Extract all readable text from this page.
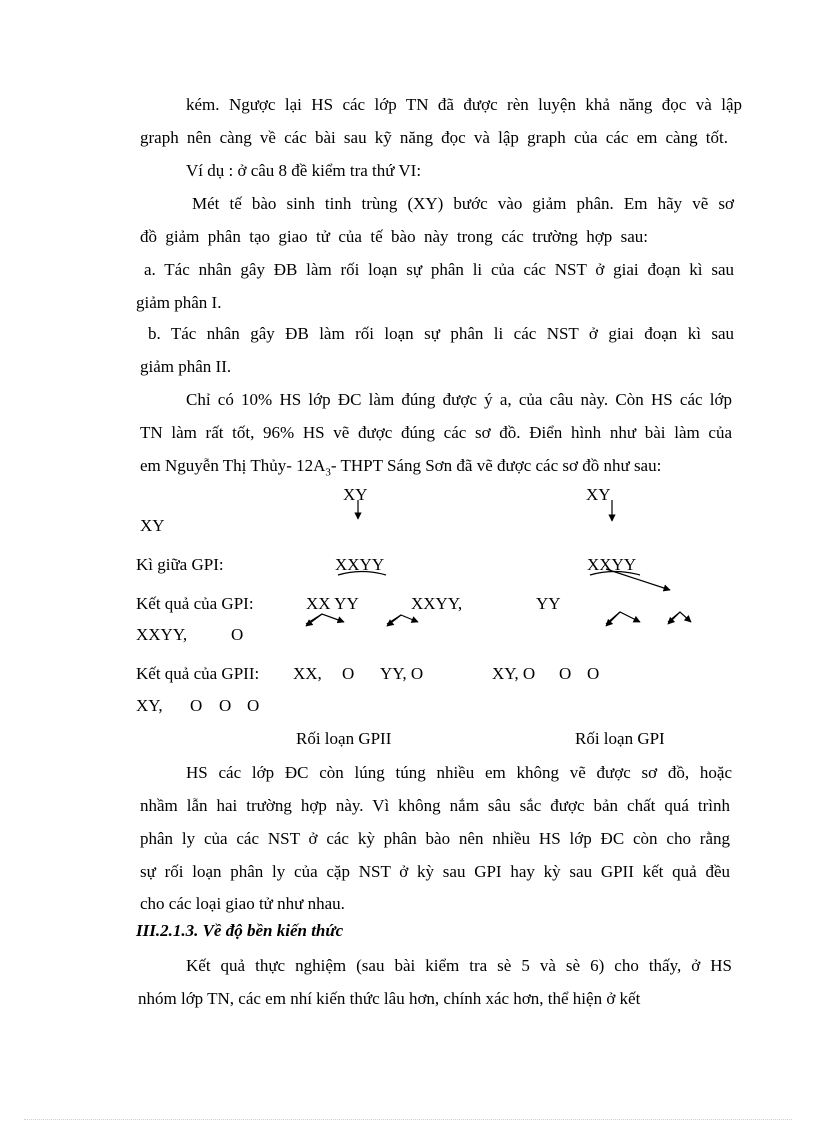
kém. Ngược lại HS các lớp TN đã được rèn luyện khả năng đọc và lập
graph nên càng về các bài sau kỹ năng đọc và lập graph của các em càng tốt.
Ví dụ : ở câu 8 đề kiểm tra thứ VI:
Mét tế bào sinh tinh trùng (XY) bước vào giảm phân. Em hãy vẽ sơ
đồ giảm phân tạo giao tử của tế bào này trong các trường hợp sau:
a. Tác nhân gây ĐB làm rối loạn sự phân li của các NST ở giai đoạn kì sau
giảm phân I.
b. Tác nhân gây ĐB làm rối loạn sự phân li các NST ở giai đoạn kì sau
giảm phân II.
Chỉ có 10% HS lớp ĐC làm đúng được ý a, của câu này. Còn HS các lớp
TN làm rất tốt, 96% HS vẽ được đúng các sơ đồ. Điển hình như bài làm của
em Nguyễn Thị Thủy- $12A_3-$ THPT Sáng Sơn đã vẽ được các sơ đồ như sau:
XY	XY
XY
Kì giữa GPI:	XXYY	XXYY
Kết quả của GPI:	XX YY	XXYY,	YY
XXYY,	O
Kết quả của GPII: XX, O YY, O	XY, O O O
XY, O O O
Rối loạn GPII	Rối loạn GPI
HS các lớp ĐC còn lúng túng nhiều em không vẽ được sơ đồ, hoặc
nhầm lẫn hai trường hợp này. Vì không nắm sâu sắc được bản chất quá trình
phân ly của các NST ở các kỳ phân bào nên nhiều HS lớp ĐC còn cho rằng
sự rối loạn phân ly của cặp NST ở kỳ sau GPI hay kỳ sau GPII kết quả đều
cho các loại giao tử như nhau.
III.2.1.3. Về độ bền kiến thức
Kết quả thực nghiệm (sau bài kiểm tra sè 5 và sè 6) cho thấy, ở HS
nhóm lớp TN, các em nhí kiến thức lâu hơn, chính xác hơn, thể hiện ở kết
